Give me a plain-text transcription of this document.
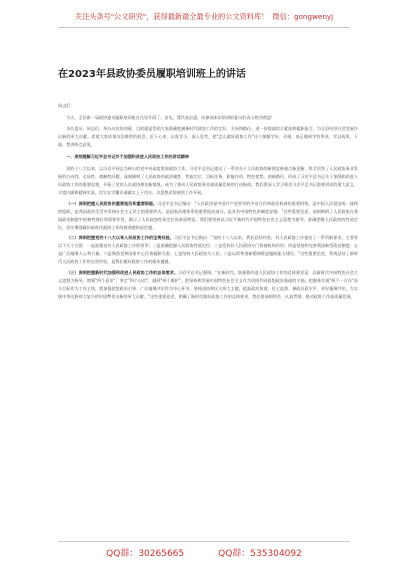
关注头条号"公文研究"，获得最新最全最专业的公文资料库！ 微信：gongwenyj
在2023年县政协委员履职培训班上的讲话

同志们：

今天，全县新一届政协委员履职培训班在这里开班了。首先，我代表县委，向参加本次培训的委员们表示热烈欢迎！

各位委员、同志们，举办这次培训班，目的就是帮助大家准确把握新时代政协工作的定位、方向和路径，进一步提高综合素质和履职能力，为全县经济社会发展作出新的更大贡献。希望大家珍惜这次难得的机会，沉下心来、认真学习、深入思考，把"怎么做好政协工作"这个课题学好、弄通，真正做到学有所获、学以致用。下面，我讲两点意见。

一、深刻理解习近平总书记关于加强和改进人民政协工作的讲话精神

党的十八大以来，以习近平同志为核心的党中央高度重视政协工作。习近平总书记提出了一系列关于人民政协的新理念新观点新论断，科学回答了人民政协事业发展的方向性、全局性、战略性问题，深刻阐明了人民政协的政治属性、性质定位、目标任务、职能作用、特色优势、创新路径，形成了习近平总书记关于加强和改进人民政协工作的重要思想，开拓了党的人民政协理论新境界，成为了推动人民政协事业高质量发展的行动指南。我们要深入学习领会习近平总书记重要讲话的重大意义、丰富内涵和精神实质，切实在学懂弄通做实上下功夫，以思想武装统领工作开展。

（一）深刻把握人民政协的重要地位和重要职能。习近平总书记指出："人民政协是中国共产党领导的多党合作和政治协商的重要机构，是中国人民爱国统一战线的组织，是我国政治生活中发扬社会主义民主的重要形式，是国家治理体系的重要组成部分，是具有中国特色的制度安排。"这些重要论述，深刻阐明了人民政协在我国政治制度中的独特地位和重要作用，揭示了人民政协性质定位的本质特征。我们要坚持以习近平新时代中国特色社会主义思想为指导，准确把握人民政协的性质定位，切实增强做好新时代政协工作的使命感和责任感。

（二）深刻把握党的十八大以来人民政协工作的宝贵经验。习近平总书记指出："党的十八大以来，我们总结经验，对人民政协工作提出了一系列新要求，主要有以下几个方面：一是加强党对人民政协工作的领导；二是准确把握人民政协性质定位；三是发挥好人民政协专门协商机构作用；四是坚持和完善我国新型政党制度；五是广泛凝聚人心和力量；六是聚焦党和国家中心任务履职尽责；七是坚持人民政协为人民；八是以改革创新精神推进履职能力建设。"这些重要论述，系统总结了新时代人民政协工作的宝贵经验，是我们做好政协工作的根本遵循。

（三）深刻把握新时代加强和改进人民政协工作的总体要求。习近平总书记强调，"在新时代，加强和改进人民政协工作的总体要求是：以新时代中国特色社会主义思想为指导，增强"四个意识"，坚定"四个自信"，做到"两个维护"，把坚持和发展中国特色社会主义作为巩固共同思想政治基础的主轴，把服务实现"两个一百年"奋斗目标作为工作主线，把加强思想政治引领、广泛凝聚共识作为中心环节，坚持团结和民主两大主题，提高政治协商、民主监督、参政议政水平，更好凝聚共识，为实现中华民族伟大复兴的中国梦作出新的更大贡献。"这些重要论述，明确了新时代做好政协工作的总体要求，我们要深刻领会、认真贯彻，推动政协工作高质量发展。

QQ群：30265665	QQ群：535304092
